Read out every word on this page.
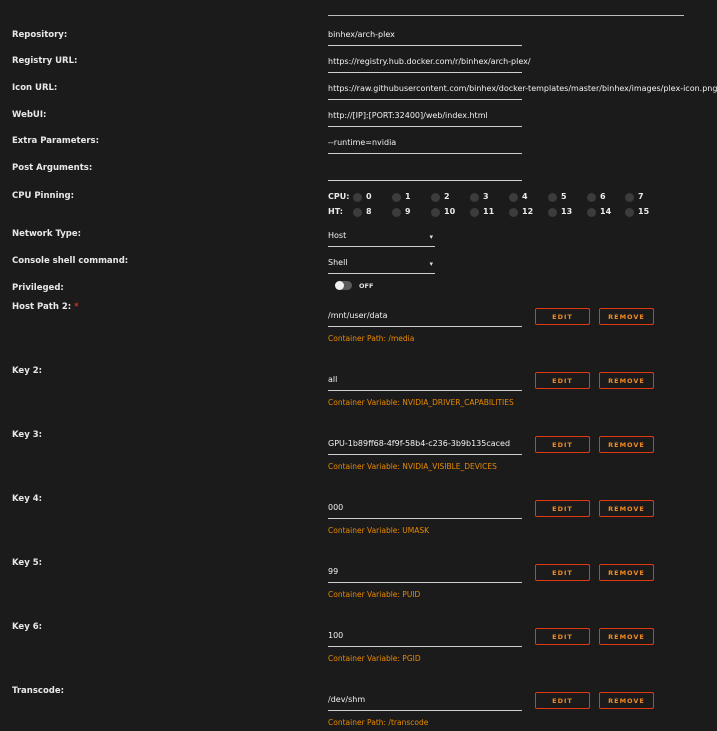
Repository:	binhex/arch-plex
Registry URL:	https://registry.hub.docker.com/r/binhex/arch-plex/
Icon URL:	https://raw.githubusercontent.com/binhex/docker-templates/master/binhex/images/plex-icon.png
WebUI:	http://[IP]:[PORT:32400]/web/index.html
Extra Parameters:	--runtime=nvidia
Post Arguments:
CPU Pinning:	CPU: 0	1	2	3	4	5	6	7
HT:	8	9	10	11	12	13	14	15
Network Type:	Host	▾
Console shell command:	Shell	▾
Privileged:	OFF
Host Path 2: *
/mnt/user/data	EDIT	REMOVE
Container Path: /media
Key 2:
all	EDIT	REMOVE
Container Variable: NVIDIA_DRIVER_CAPABILITIES
Key 3:
GPU-1b89ff68-4f9f-58b4-c236-3b9b135caced	EDIT	REMOVE
Container Variable: NVIDIA_VISIBLE_DEVICES
Key 4:
000	EDIT	REMOVE
Container Variable: UMASK
Key 5:
99	EDIT	REMOVE
Container Variable: PUID
Key 6:
100	EDIT	REMOVE
Container Variable: PGID
Transcode:
/dev/shm	EDIT	REMOVE
Container Path: /transcode
